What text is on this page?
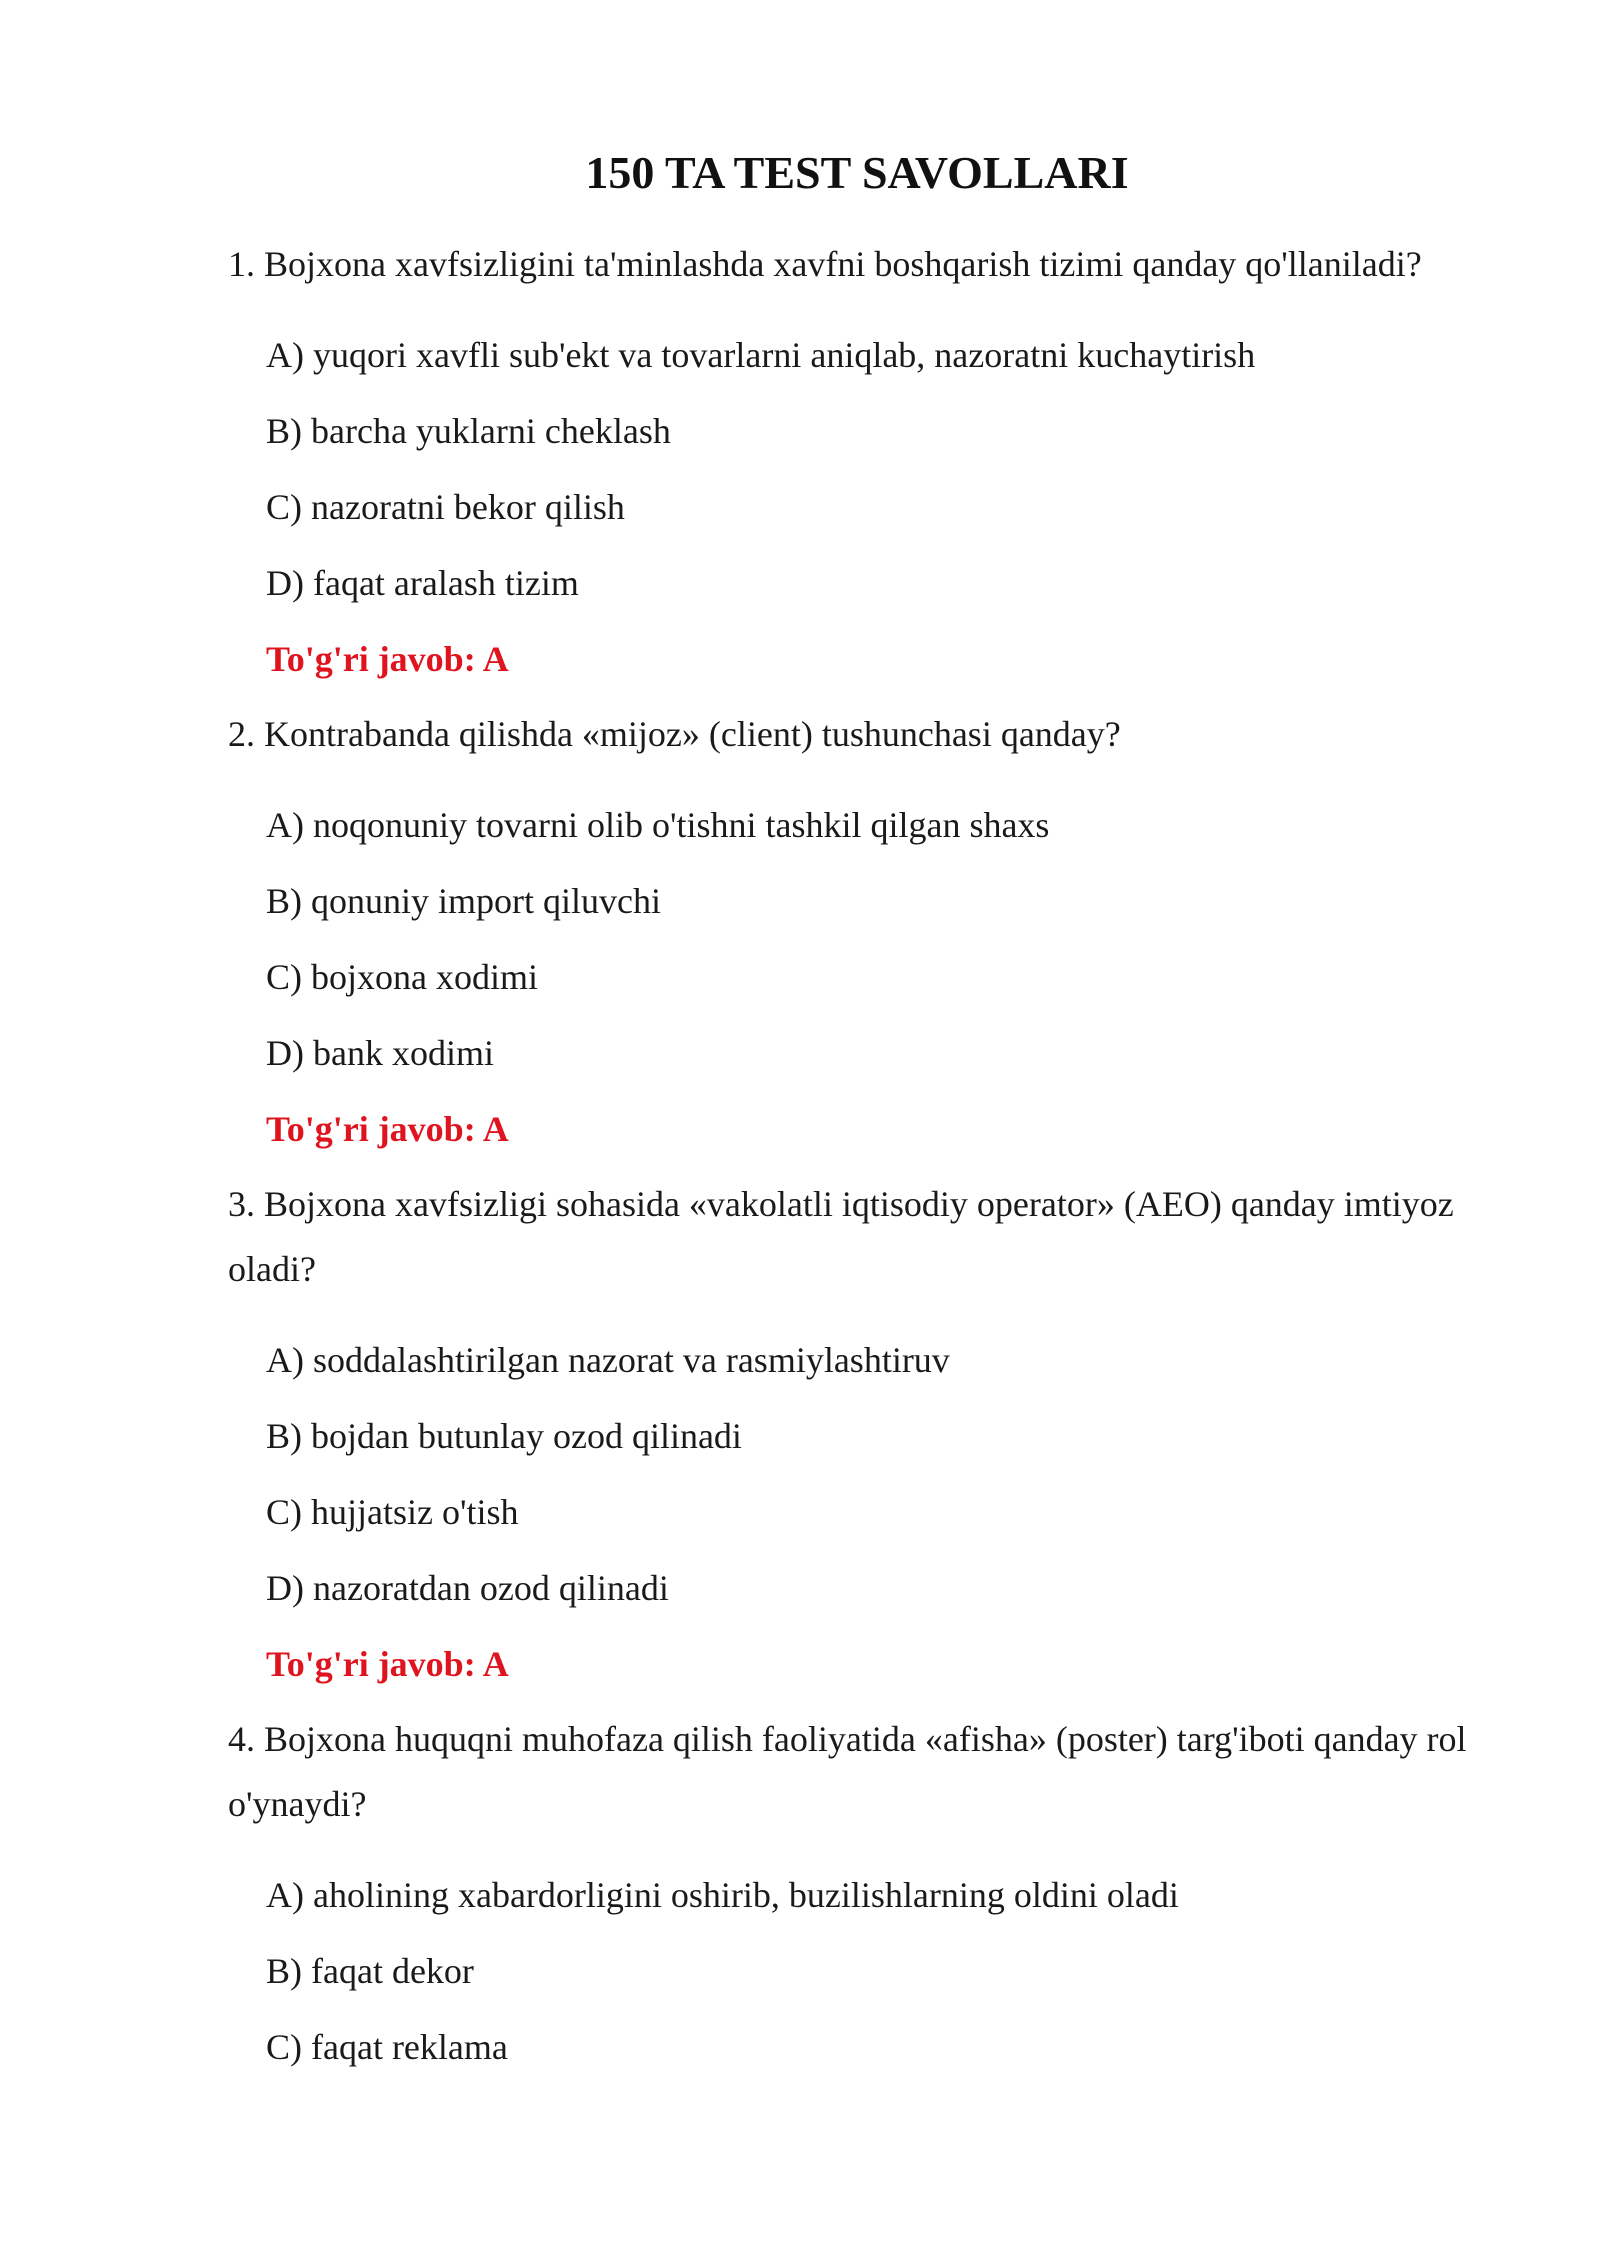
150 TA TEST SAVOLLARI

1. Bojxona xavfsizligini ta'minlashda xavfni boshqarish tizimi qanday qo'llaniladi?

A) yuqori xavfli sub'ekt va tovarlarni aniqlab, nazoratni kuchaytirish

B) barcha yuklarni cheklash

C) nazoratni bekor qilish

D) faqat aralash tizim

To'g'ri javob: A

2. Kontrabanda qilishda «mijoz» (client) tushunchasi qanday?

A) noqonuniy tovarni olib o'tishni tashkil qilgan shaxs

B) qonuniy import qiluvchi

C) bojxona xodimi

D) bank xodimi

To'g'ri javob: A

3. Bojxona xavfsizligi sohasida «vakolatli iqtisodiy operator» (AEO) qanday imtiyoz oladi?

A) soddalashtirilgan nazorat va rasmiylashtiruv

B) bojdan butunlay ozod qilinadi

C) hujjatsiz o'tish

D) nazoratdan ozod qilinadi

To'g'ri javob: A

4. Bojxona huquqni muhofaza qilish faoliyatida «afisha» (poster) targ'iboti qanday rol o'ynaydi?

A) aholining xabardorligini oshirib, buzilishlarning oldini oladi

B) faqat dekor

C) faqat reklama
